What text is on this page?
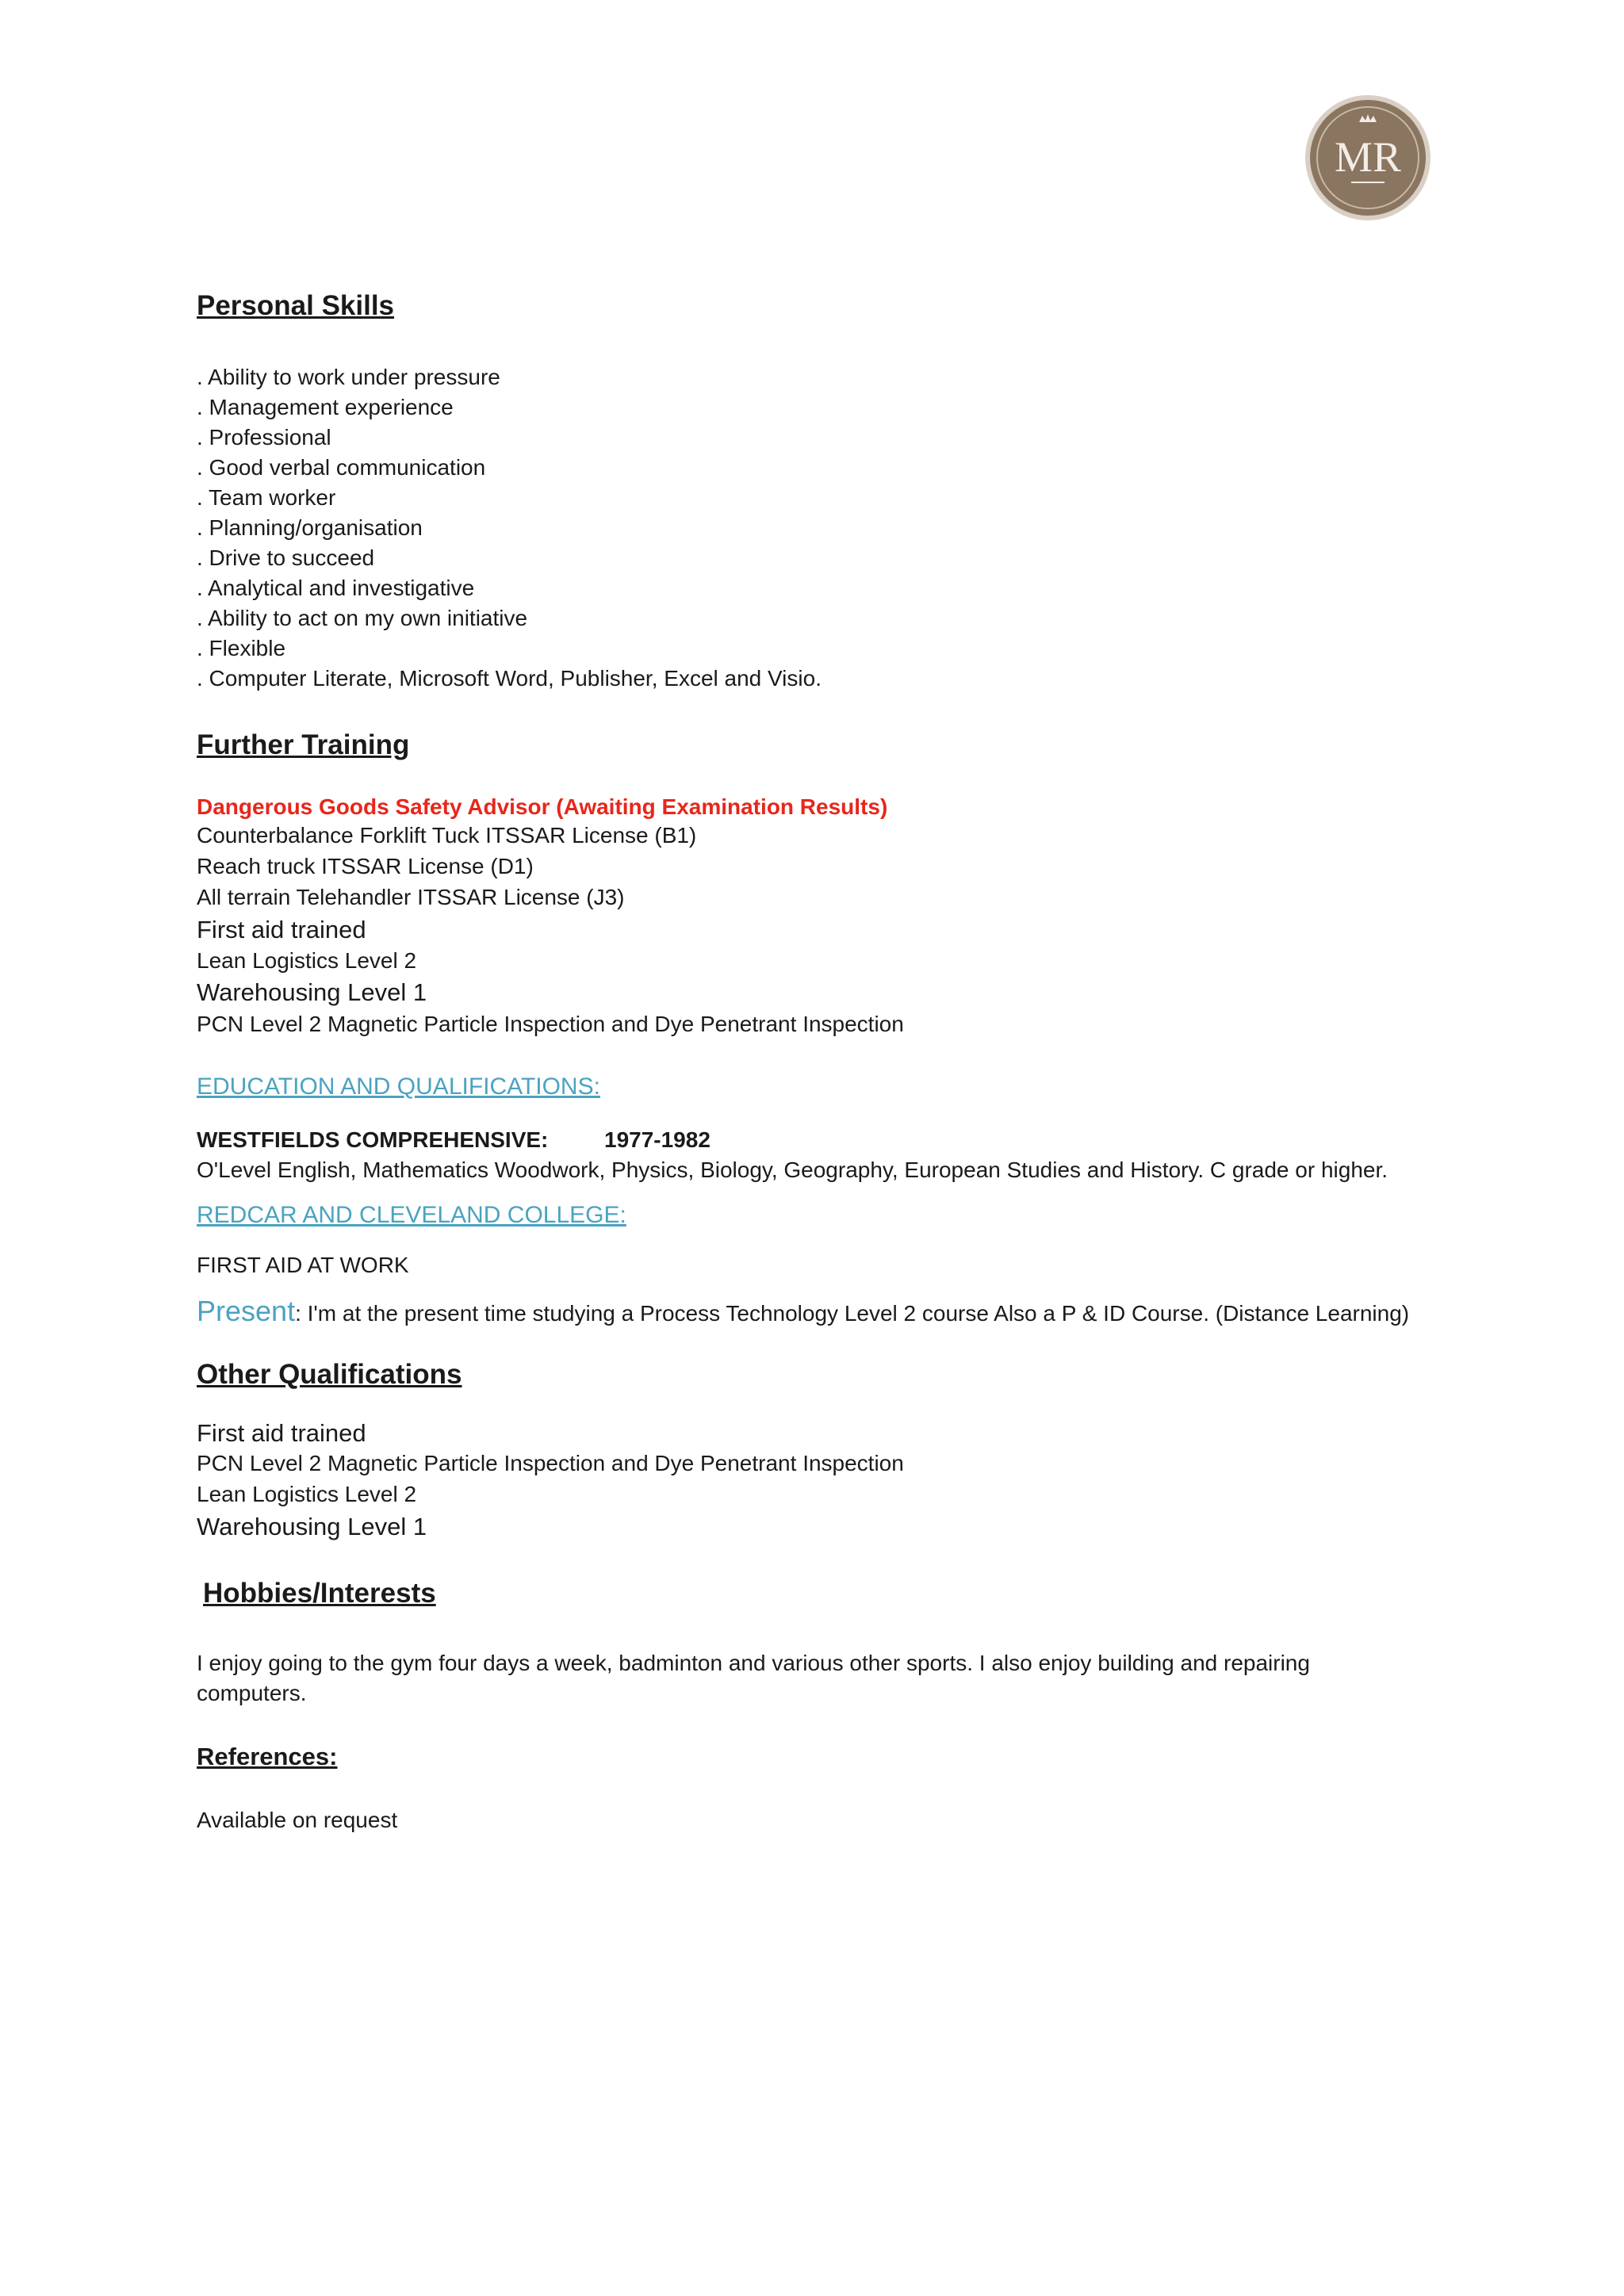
MR
Personal Skills
. Ability to work under pressure
. Management experience
. Professional
. Good verbal communication
. Team worker
. Planning/organisation
. Drive to succeed
. Analytical and investigative
. Ability to act on my own initiative
. Flexible
. Computer Literate, Microsoft Word, Publisher, Excel and Visio.
Further Training
Dangerous Goods Safety Advisor (Awaiting Examination Results)
Counterbalance Forklift Tuck ITSSAR License (B1)
Reach truck ITSSAR License (D1)
All terrain Telehandler ITSSAR License (J3)
First aid trained
Lean Logistics Level 2
Warehousing Level 1
PCN Level 2 Magnetic Particle Inspection and Dye Penetrant Inspection
EDUCATION AND QUALIFICATIONS:
WESTFIELDS COMPREHENSIVE:	1977-1982
O'Level English, Mathematics Woodwork, Physics, Biology, Geography, European Studies and History. C grade or higher.
REDCAR AND CLEVELAND COLLEGE:
FIRST AID AT WORK
Present: I'm at the present time studying a Process Technology Level 2 course Also a P & ID Course. (Distance Learning)
Other Qualifications
First aid trained
PCN Level 2 Magnetic Particle Inspection and Dye Penetrant Inspection
Lean Logistics Level 2
Warehousing Level 1
Hobbies/Interests
I enjoy going to the gym four days a week, badminton and various other sports. I also enjoy building and repairing
computers.
References:
Available on request
